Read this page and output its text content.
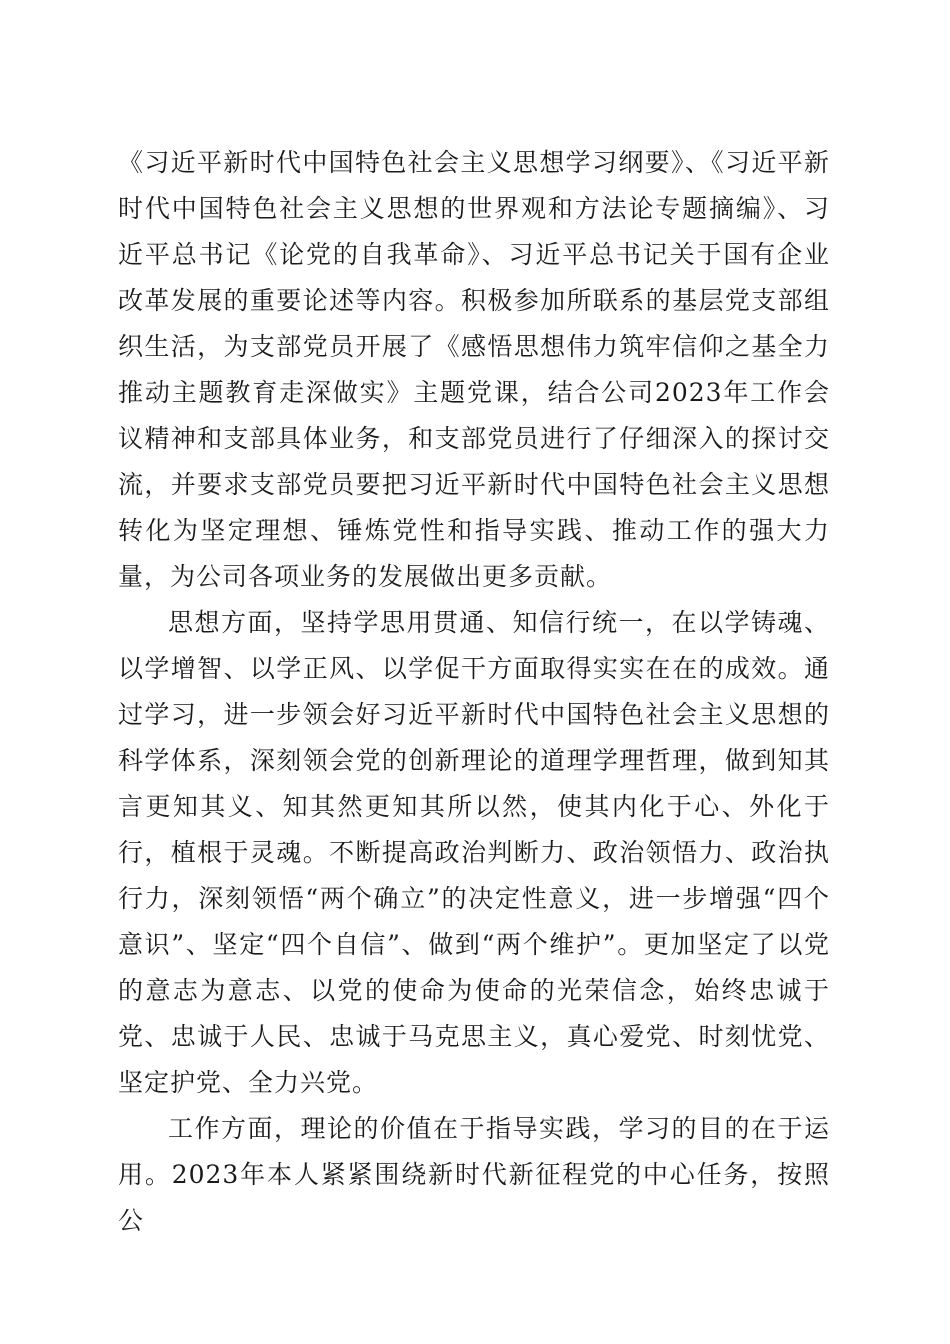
《习近平新时代中国特色社会主义思想学习纲要》、《习近平新时代中国特色社会主义思想的世界观和方法论专题摘编》、习近平总书记《论党的自我革命》、习近平总书记关于国有企业改革发展的重要论述等内容。积极参加所联系的基层党支部组织生活，为支部党员开展了《感悟思想伟力筑牢信仰之基全力推动主题教育走深做实》主题党课，结合公司2023年工作会议精神和支部具体业务，和支部党员进行了仔细深入的探讨交流，并要求支部党员要把习近平新时代中国特色社会主义思想转化为坚定理想、锤炼党性和指导实践、推动工作的强大力量，为公司各项业务的发展做出更多贡献。

思想方面，坚持学思用贯通、知信行统一，在以学铸魂、以学增智、以学正风、以学促干方面取得实实在在的成效。通过学习，进一步领会好习近平新时代中国特色社会主义思想的科学体系，深刻领会党的创新理论的道理学理哲理，做到知其言更知其义、知其然更知其所以然，使其内化于心、外化于行，植根于灵魂。不断提高政治判断力、政治领悟力、政治执行力，深刻领悟“两个确立”的决定性意义，进一步增强“四个意识”、坚定“四个自信”、做到“两个维护”。更加坚定了以党的意志为意志、以党的使命为使命的光荣信念，始终忠诚于党、忠诚于人民、忠诚于马克思主义，真心爱党、时刻忧党、坚定护党、全力兴党。

工作方面，理论的价值在于指导实践，学习的目的在于运用。2023年本人紧紧围绕新时代新征程党的中心任务，按照公
